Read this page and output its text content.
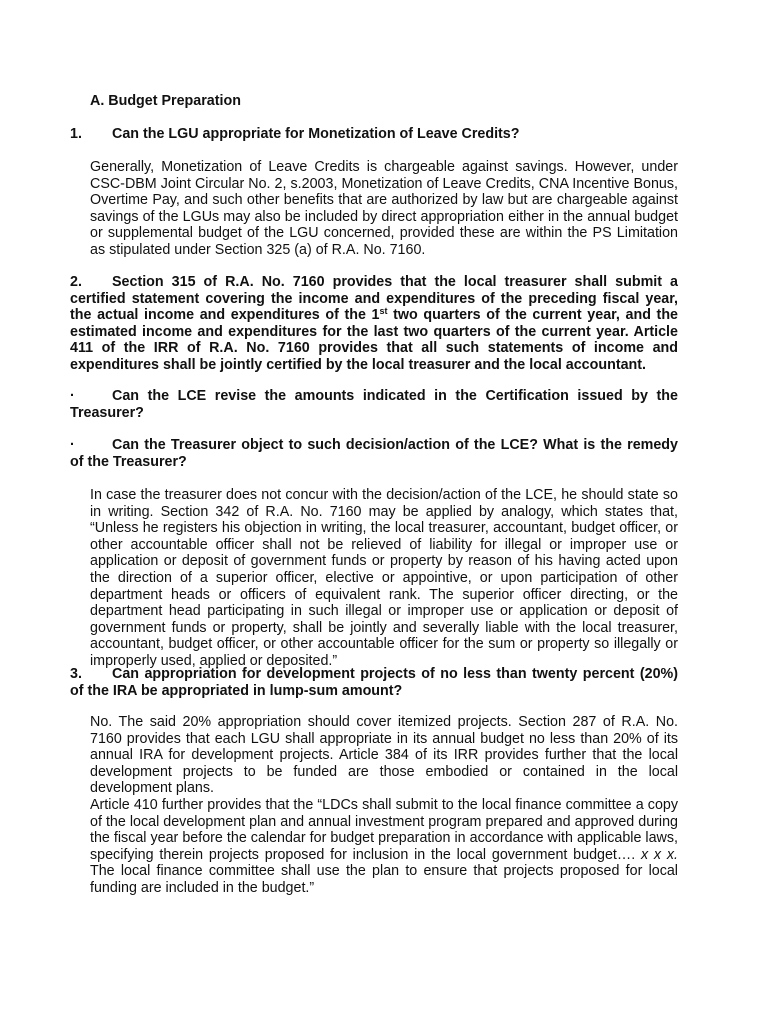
A. Budget Preparation
1. Can the LGU appropriate for Monetization of Leave Credits?
Generally, Monetization of Leave Credits is chargeable against savings. However, under CSC-DBM Joint Circular No. 2, s.2003, Monetization of Leave Credits, CNA Incentive Bonus, Overtime Pay, and such other benefits that are authorized by law but are chargeable against savings of the LGUs may also be included by direct appropriation either in the annual budget or supplemental budget of the LGU concerned, provided these are within the PS Limitation as stipulated under Section 325 (a) of R.A. No. 7160.
2. Section 315 of R.A. No. 7160 provides that the local treasurer shall submit a certified statement covering the income and expenditures of the preceding fiscal year, the actual income and expenditures of the 1st two quarters of the current year, and the estimated income and expenditures for the last two quarters of the current year. Article 411 of the IRR of R.A. No. 7160 provides that all such statements of income and expenditures shall be jointly certified by the local treasurer and the local accountant.
·	Can the LCE revise the amounts indicated in the Certification issued by the Treasurer?
·	Can the Treasurer object to such decision/action of the LCE? What is the remedy of the Treasurer?
In case the treasurer does not concur with the decision/action of the LCE, he should state so in writing. Section 342 of R.A. No. 7160 may be applied by analogy, which states that, “Unless he registers his objection in writing, the local treasurer, accountant, budget officer, or other accountable officer shall not be relieved of liability for illegal or improper use or application or deposit of government funds or property by reason of his having acted upon the direction of a superior officer, elective or appointive, or upon participation of other department heads or officers of equivalent rank. The superior officer directing, or the department head participating in such illegal or improper use or application or deposit of government funds or property, shall be jointly and severally liable with the local treasurer, accountant, budget officer, or other accountable officer for the sum or property so illegally or improperly used, applied or deposited.”
3. Can appropriation for development projects of no less than twenty percent (20%) of the IRA be appropriated in lump-sum amount?
No. The said 20% appropriation should cover itemized projects. Section 287 of R.A. No. 7160 provides that each LGU shall appropriate in its annual budget no less than 20% of its annual IRA for development projects. Article 384 of its IRR provides further that the local development projects to be funded are those embodied or contained in the local development plans.
Article 410 further provides that the “LDCs shall submit to the local finance committee a copy of the local development plan and annual investment program prepared and approved during the fiscal year before the calendar for budget preparation in accordance with applicable laws, specifying therein projects proposed for inclusion in the local government budget…. x x x. The local finance committee shall use the plan to ensure that projects proposed for local funding are included in the budget.”
